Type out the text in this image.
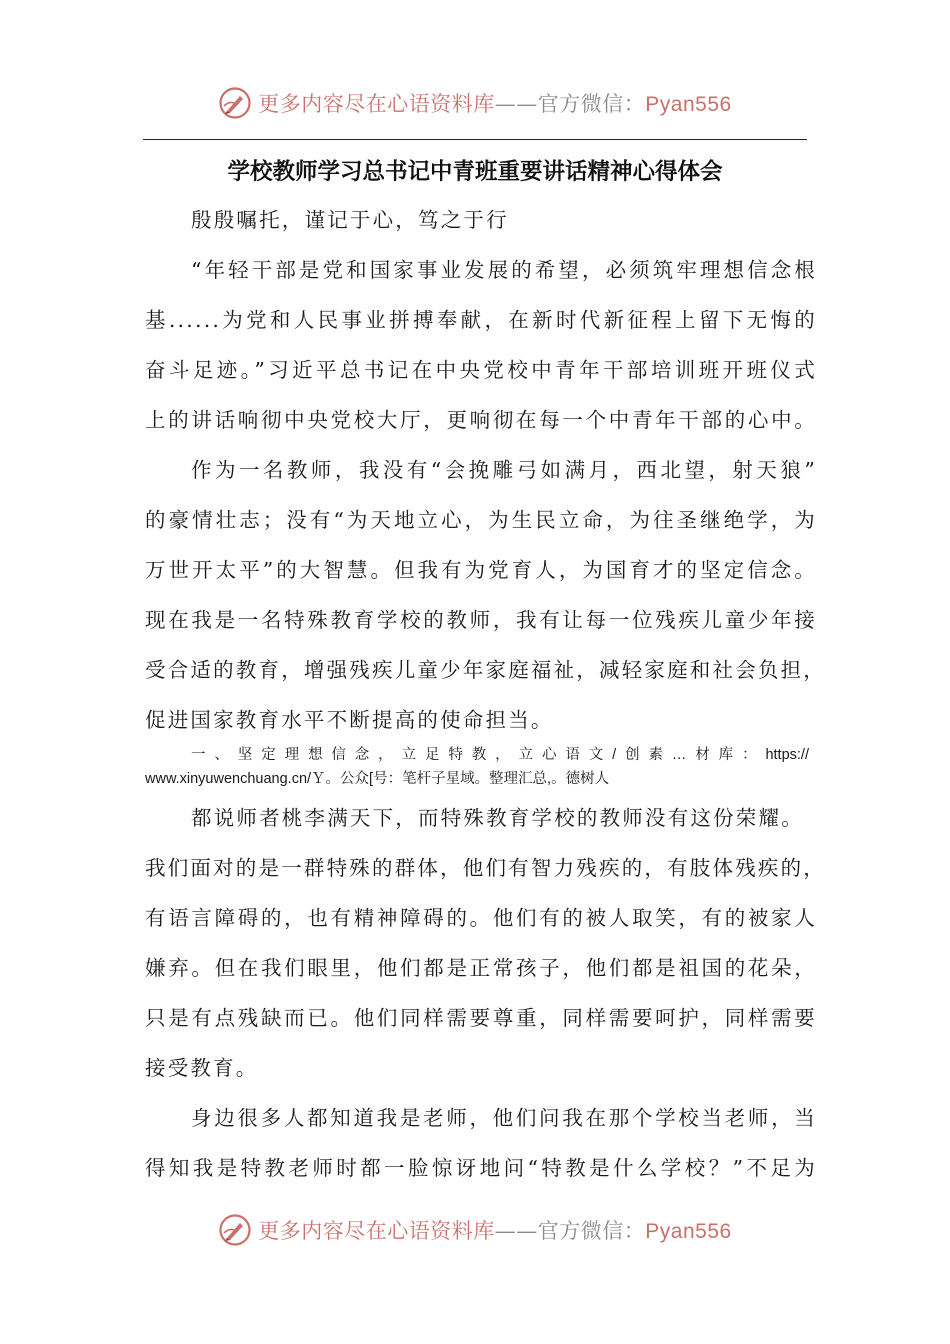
更多内容尽在心语资料库——官方微信：Pyan556
学校教师学习总书记中青班重要讲话精神心得体会
殷殷嘱托，谨记于心，笃之于行
“年轻干部是党和国家事业发展的希望，必须筑牢理想信念根
基......为党和人民事业拼搏奉献，在新时代新征程上留下无悔的
奋斗足迹。”习近平总书记在中央党校中青年干部培训班开班仪式
上的讲话响彻中央党校大厅，更响彻在每一个中青年干部的心中。
作为一名教师，我没有“会挽雕弓如满月，西北望，射天狼”
的豪情壮志；没有“为天地立心，为生民立命，为往圣继绝学，为
万世开太平”的大智慧。但我有为党育人，为国育才的坚定信念。
现在我是一名特殊教育学校的教师，我有让每一位残疾儿童少年接
受合适的教育，增强残疾儿童少年家庭福祉，减轻家庭和社会负担，
促进国家教育水平不断提高的使命担当。
一、坚定理想信念，立足特教，立心语文/创素…材库：https://
www.xinyuwenchuang.cn/Ｙ。公众[号：笔杆子星域。整理汇总,。德树人
都说师者桃李满天下，而特殊教育学校的教师没有这份荣耀。
我们面对的是一群特殊的群体，他们有智力残疾的，有肢体残疾的，
有语言障碍的，也有精神障碍的。他们有的被人取笑，有的被家人
嫌弃。但在我们眼里，他们都是正常孩子，他们都是祖国的花朵，
只是有点残缺而已。他们同样需要尊重，同样需要呵护，同样需要
接受教育。
身边很多人都知道我是老师，他们问我在那个学校当老师，当
得知我是特教老师时都一脸惊讶地问“特教是什么学校？”不足为
更多内容尽在心语资料库——官方微信：Pyan556
